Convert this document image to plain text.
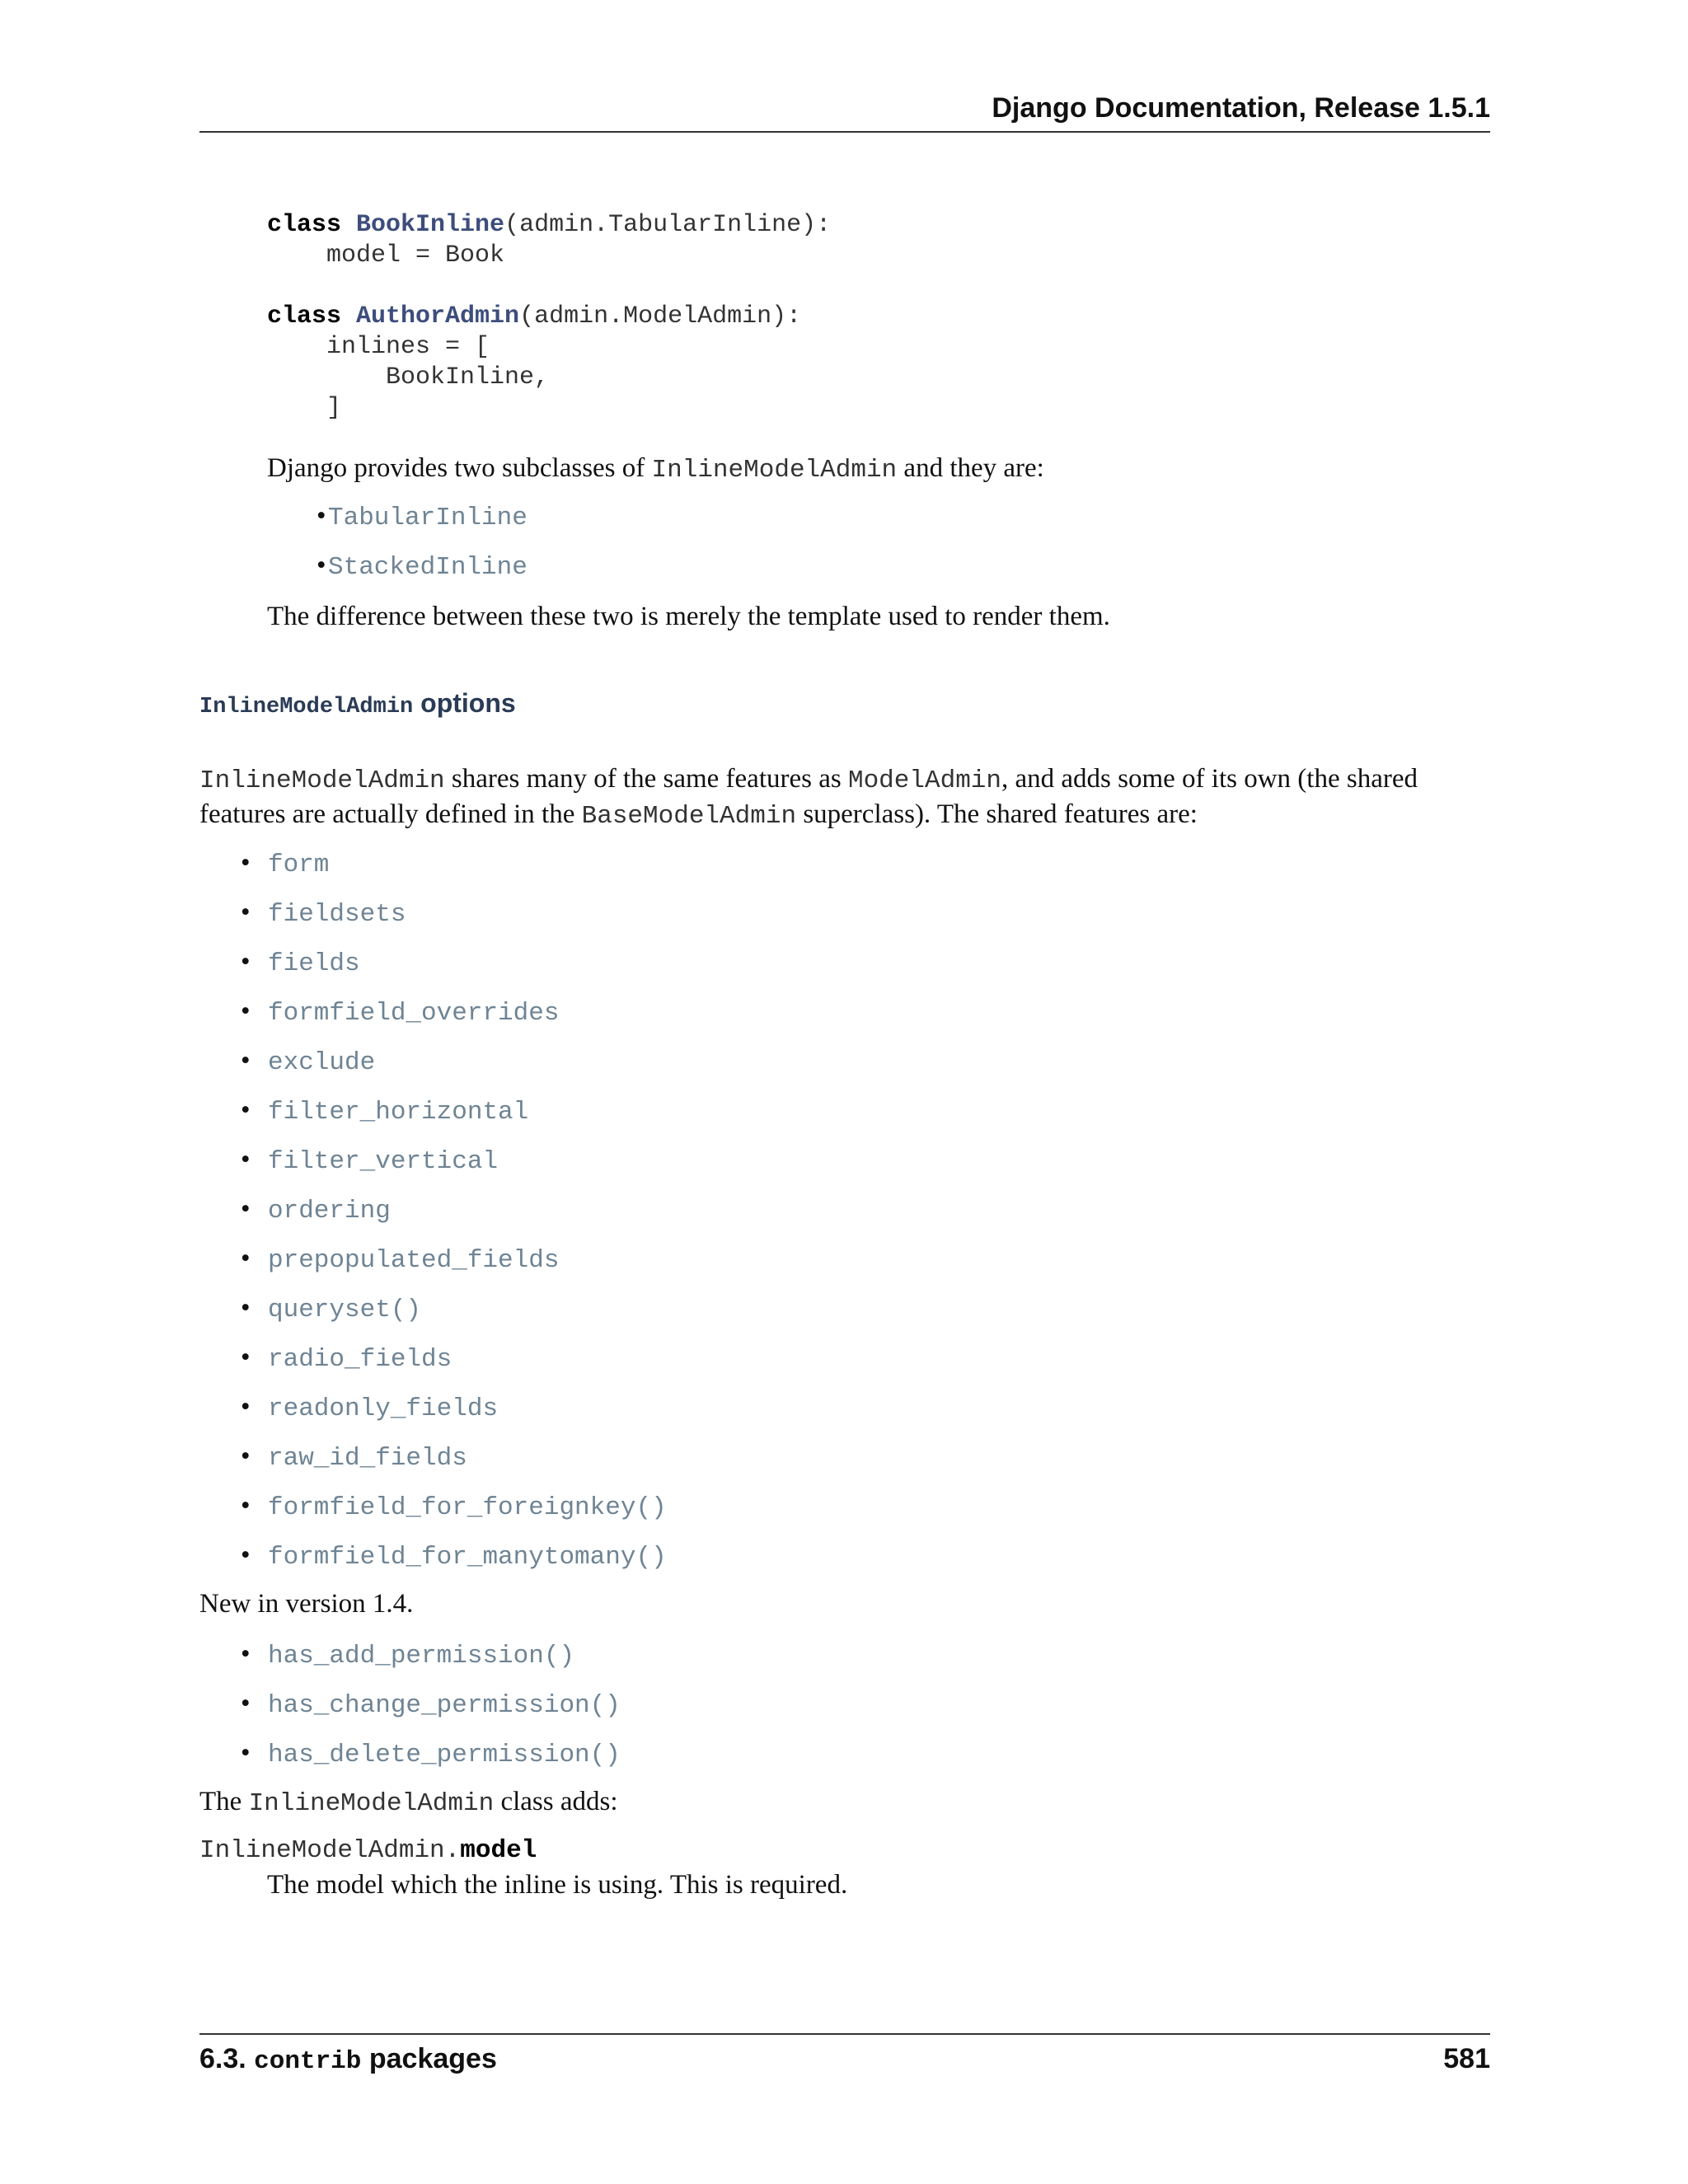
Django Documentation, Release 1.5.1
class BookInline(admin.TabularInline):
model = Book

class AuthorAdmin(admin.ModelAdmin):
inlines = [
BookInline,
]
Django provides two subclasses of InlineModelAdmin and they are:
•TabularInline
•StackedInline
The difference between these two is merely the template used to render them.
InlineModelAdmin options
InlineModelAdmin shares many of the same features as ModelAdmin, and adds some of its own (the shared
features are actually defined in the BaseModelAdmin superclass). The shared features are:
• form
• fieldsets
• fields
• formfield_overrides
• exclude
• filter_horizontal
• filter_vertical
• ordering
• prepopulated_fields
• queryset()
• radio_fields
• readonly_fields
• raw_id_fields
• formfield_for_foreignkey()
• formfield_for_manytomany()
New in version 1.4.
• has_add_permission()
• has_change_permission()
• has_delete_permission()
The InlineModelAdmin class adds:
InlineModelAdmin.model
The model which the inline is using. This is required.
6.3. contrib packages	581
